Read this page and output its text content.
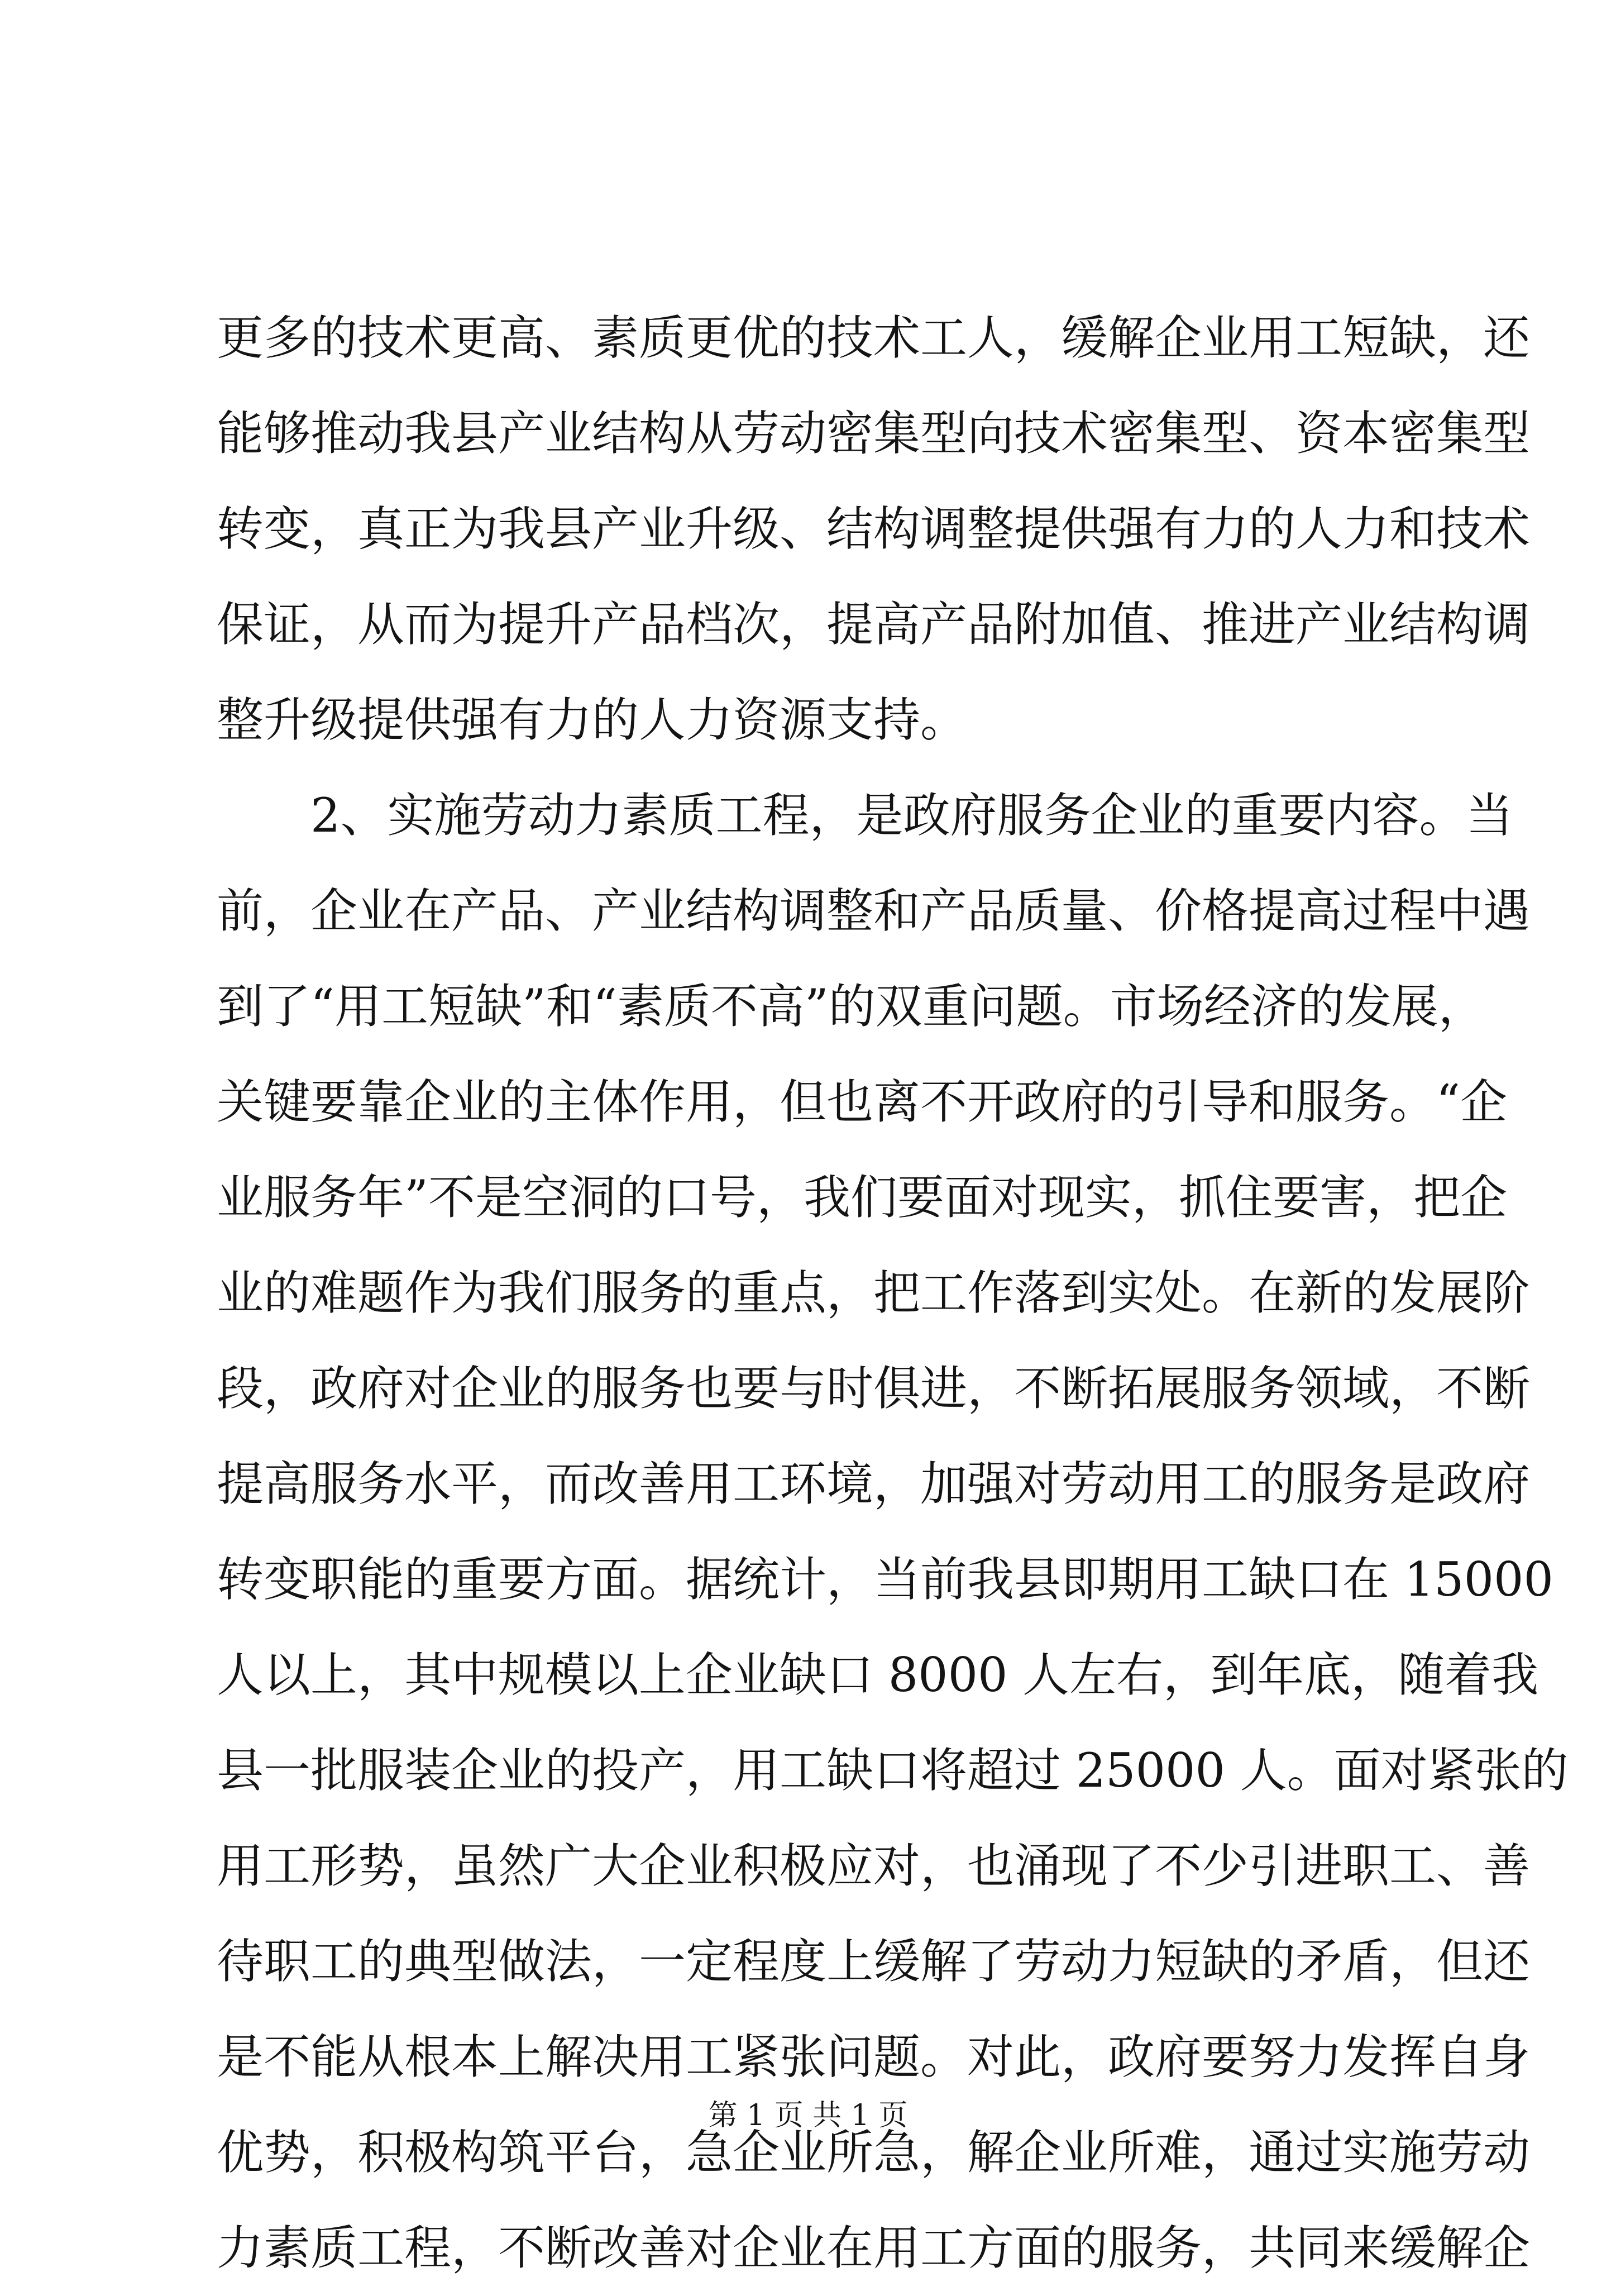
更多的技术更高、素质更优的技术工人，缓解企业用工短缺，还
能够推动我县产业结构从劳动密集型向技术密集型、资本密集型
转变，真正为我县产业升级、结构调整提供强有力的人力和技术
保证，从而为提升产品档次，提高产品附加值、推进产业结构调
整升级提供强有力的人力资源支持。
　　2、实施劳动力素质工程，是政府服务企业的重要内容。当
前，企业在产品、产业结构调整和产品质量、价格提高过程中遇
到了“用工短缺”和“素质不高”的双重问题。市场经济的发展，
关键要靠企业的主体作用，但也离不开政府的引导和服务。“企
业服务年”不是空洞的口号，我们要面对现实，抓住要害，把企
业的难题作为我们服务的重点，把工作落到实处。在新的发展阶
段，政府对企业的服务也要与时俱进，不断拓展服务领域，不断
提高服务水平，而改善用工环境，加强对劳动用工的服务是政府
转变职能的重要方面。据统计，当前我县即期用工缺口在 15000
人以上，其中规模以上企业缺口 8000 人左右，到年底，随着我
县一批服装企业的投产，用工缺口将超过 25000 人。面对紧张的
用工形势，虽然广大企业积极应对，也涌现了不少引进职工、善
待职工的典型做法，一定程度上缓解了劳动力短缺的矛盾，但还
是不能从根本上解决用工紧张问题。对此，政府要努力发挥自身
优势，积极构筑平台，急企业所急，解企业所难，通过实施劳动
力素质工程，不断改善对企业在用工方面的服务，共同来缓解企
第 1 页 共 1 页
